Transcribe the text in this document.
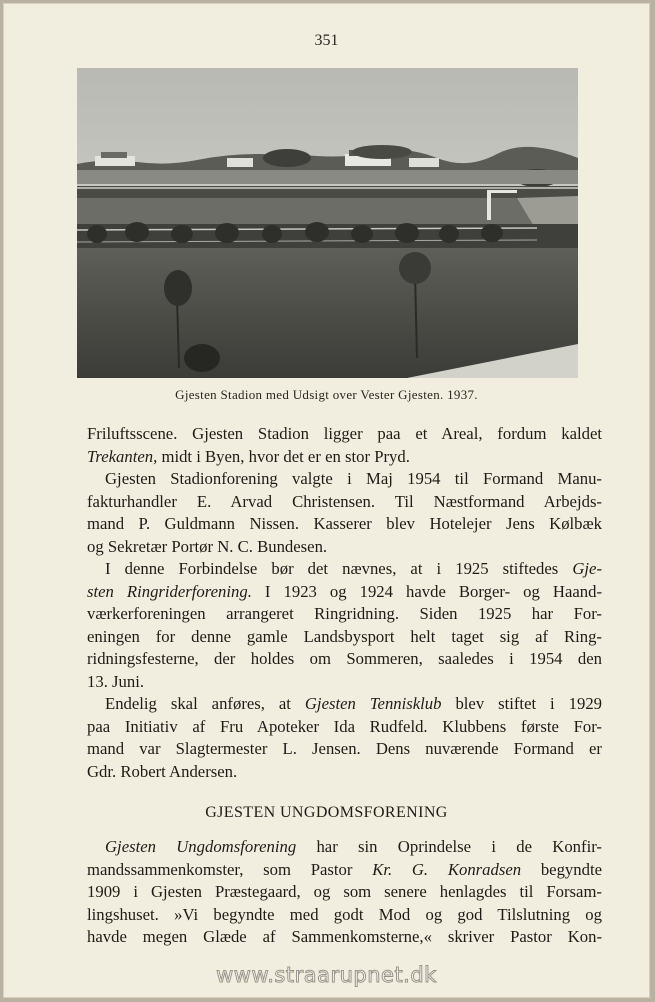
351
Gjesten Stadion med Udsigt over Vester Gjesten. 1937.
Friluftsscene. Gjesten Stadion ligger paa et Areal, fordum kaldet
Trekanten, midt i Byen, hvor det er en stor Pryd.
Gjesten Stadionforening valgte i Maj 1954 til Formand Manu-
fakturhandler E. Arvad Christensen. Til Næstformand Arbejds-
mand P. Guldmann Nissen. Kasserer blev Hotelejer Jens Kølbæk
og Sekretær Portør N. C. Bundesen.
I denne Forbindelse bør det nævnes, at i 1925 stiftedes Gje-
sten Ringriderforening. I 1923 og 1924 havde Borger- og Haand-
værkerforeningen arrangeret Ringridning. Siden 1925 har For-
eningen for denne gamle Landsbysport helt taget sig af Ring-
ridningsfesterne, der holdes om Sommeren, saaledes i 1954 den
13. Juni.
Endelig skal anføres, at Gjesten Tennisklub blev stiftet i 1929
paa Initiativ af Fru Apoteker Ida Rudfeld. Klubbens første For-
mand var Slagtermester L. Jensen. Dens nuværende Formand er
Gdr. Robert Andersen.
GJESTEN UNGDOMSFORENING
Gjesten Ungdomsforening har sin Oprindelse i de Konfir-
mandssammenkomster, som Pastor Kr. G. Konradsen begyndte
1909 i Gjesten Præstegaard, og som senere henlagdes til Forsam-
lingshuset. »Vi begyndte med godt Mod og god Tilslutning og
havde megen Glæde af Sammenkomsterne,« skriver Pastor Kon-
www.straarupnet.dk
